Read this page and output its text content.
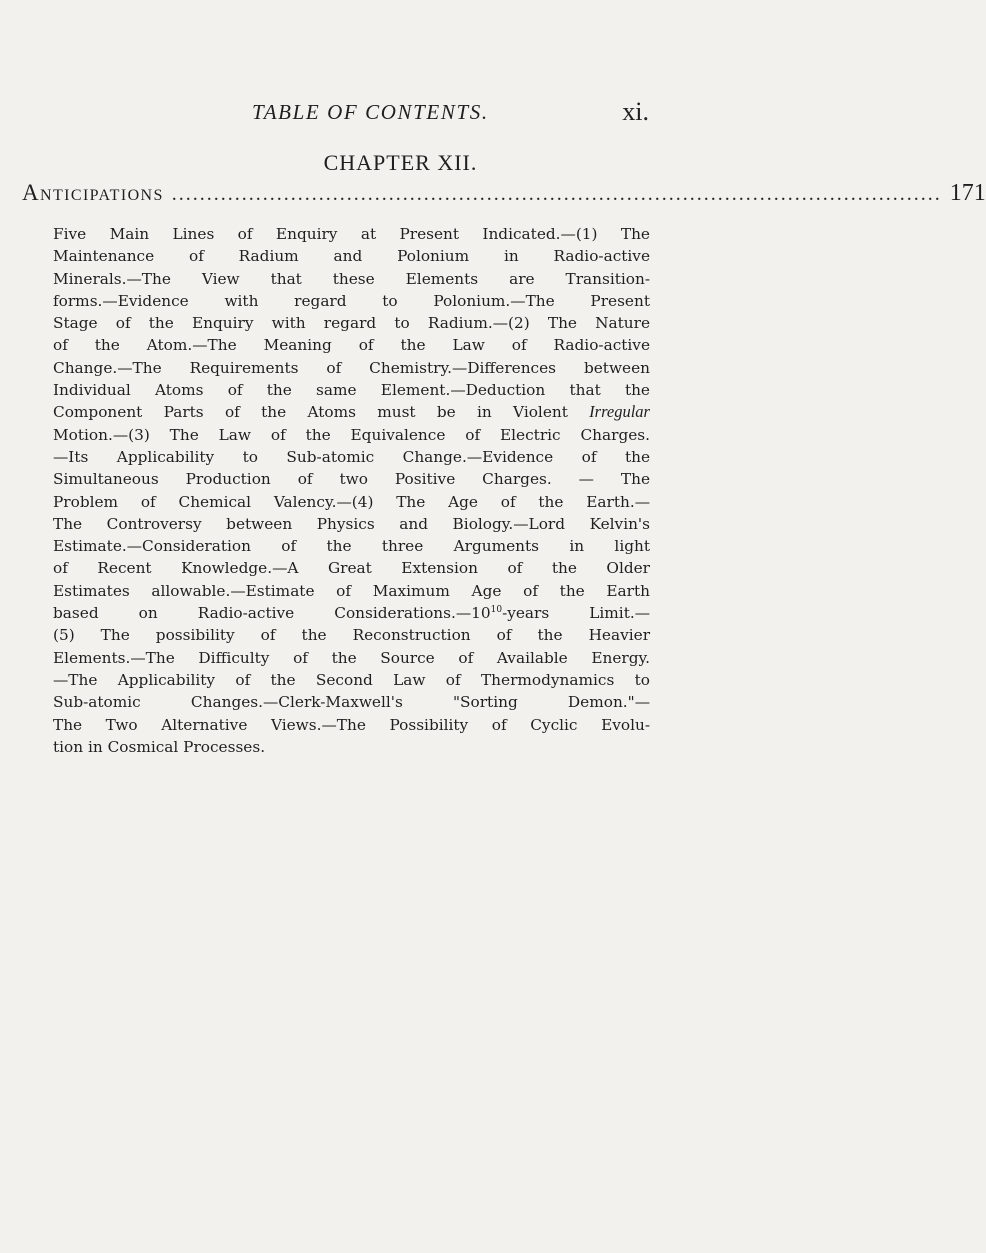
TABLE OF CONTENTS.	xi.
CHAPTER XII.
Anticipations .............................................................................................................. 171
Five Main Lines of Enquiry at Present Indicated.—(1) The
Maintenance of Radium and Polonium in Radio-active
Minerals.—The View that these Elements are Transition-
forms.—Evidence with regard to Polonium.—The Present
Stage of the Enquiry with regard to Radium.—(2) The Nature
of the Atom.—The Meaning of the Law of Radio-active
Change.—The Requirements of Chemistry.—Differences between
Individual Atoms of the same Element.—Deduction that the
Component Parts of the Atoms must be in Violent Irregular
Motion.—(3) The Law of the Equivalence of Electric Charges.
—Its Applicability to Sub-atomic Change.—Evidence of the
Simultaneous Production of two Positive Charges. — The
Problem of Chemical Valency.—(4) The Age of the Earth.—
The Controversy between Physics and Biology.—Lord Kelvin's
Estimate.—Consideration of the three Arguments in light
of Recent Knowledge.—A Great Extension of the Older
Estimates allowable.—Estimate of Maximum Age of the Earth
based on Radio-active $Considerations.—10^{10}$-years Limit.—
(5) The possibility of the Reconstruction of the Heavier
Elements.—The Difficulty of the Source of Available Energy.
—The Applicability of the Second Law of Thermodynamics to
Sub-atomic Changes.—Clerk-Maxwell's "Sorting Demon."—
The Two Alternative Views.—The Possibility of Cyclic Evolu-
tion in Cosmical Processes.
